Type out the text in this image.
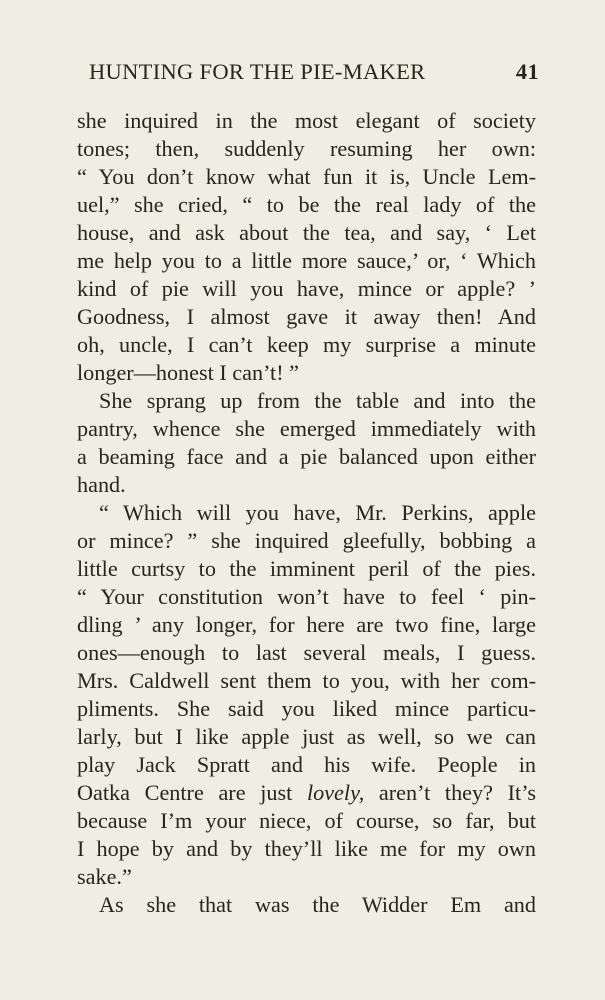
HUNTING FOR THE PIE-MAKER	41
she inquired in the most elegant of society
tones; then, suddenly resuming her own:
“ You don’t know what fun it is, Uncle Lem-
uel,” she cried, “ to be the real lady of the
house, and ask about the tea, and say, ‘ Let
me help you to a little more sauce,’ or, ‘ Which
kind of pie will you have, mince or apple? ’
Goodness, I almost gave it away then! And
oh, uncle, I can’t keep my surprise a minute
longer—honest I can’t! ”
She sprang up from the table and into the
pantry, whence she emerged immediately with
a beaming face and a pie balanced upon either
hand.
“ Which will you have, Mr. Perkins, apple
or mince? ” she inquired gleefully, bobbing a
little curtsy to the imminent peril of the pies.
“ Your constitution won’t have to feel ‘ pin-
dling ’ any longer, for here are two fine, large
ones—enough to last several meals, I guess.
Mrs. Caldwell sent them to you, with her com-
pliments. She said you liked mince particu-
larly, but I like apple just as well, so we can
play Jack Spratt and his wife. People in
Oatka Centre are just lovely, aren’t they? It’s
because I’m your niece, of course, so far, but
I hope by and by they’ll like me for my own
sake.”
As she that was the Widder Em and
